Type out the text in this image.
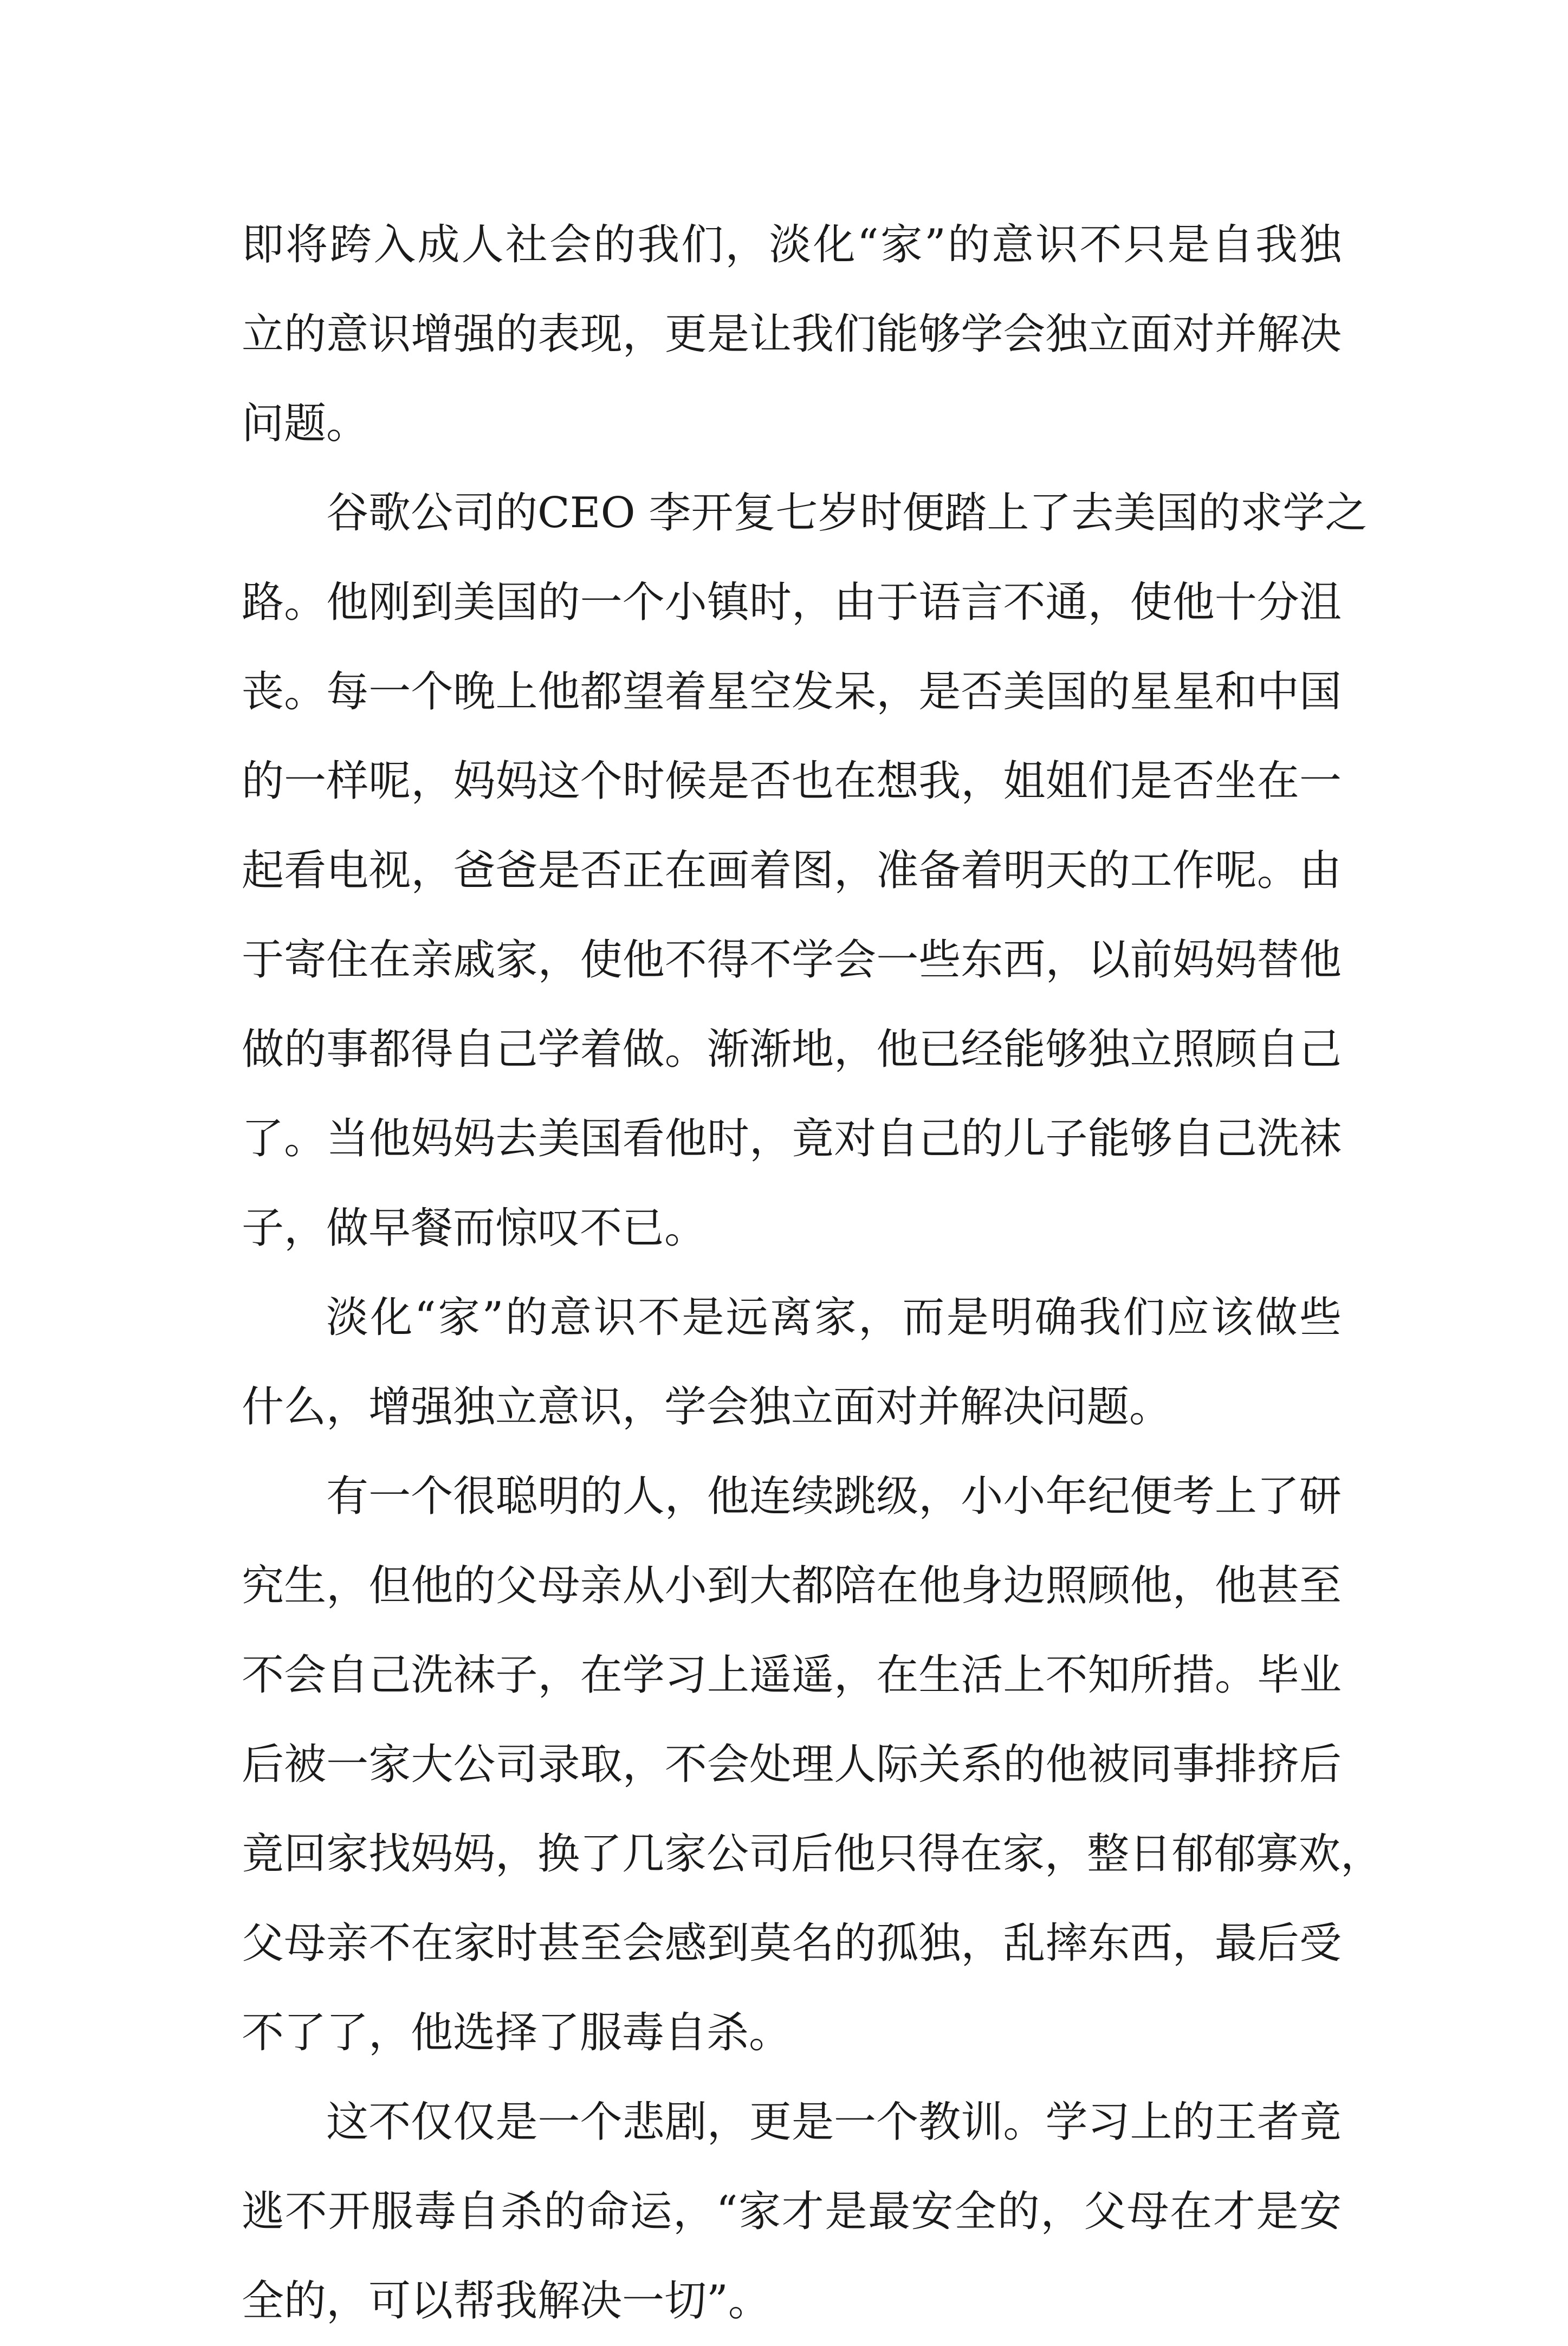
即将跨入成人社会的我们，淡化“家”的意识不只是自我独
立的意识增强的表现，更是让我们能够学会独立面对并解决
问题。
谷歌公司的CEO 李开复七岁时便踏上了去美国的求学之
路。他刚到美国的一个小镇时，由于语言不通，使他十分沮
丧。每一个晚上他都望着星空发呆，是否美国的星星和中国
的一样呢，妈妈这个时候是否也在想我，姐姐们是否坐在一
起看电视，爸爸是否正在画着图，准备着明天的工作呢。由
于寄住在亲戚家，使他不得不学会一些东西，以前妈妈替他
做的事都得自己学着做。渐渐地，他已经能够独立照顾自己
了。当他妈妈去美国看他时，竟对自己的儿子能够自己洗袜
子，做早餐而惊叹不已。
淡化“家”的意识不是远离家，而是明确我们应该做些
什么，增强独立意识，学会独立面对并解决问题。
有一个很聪明的人，他连续跳级，小小年纪便考上了研
究生，但他的父母亲从小到大都陪在他身边照顾他，他甚至
不会自己洗袜子，在学习上遥遥，在生活上不知所措。毕业
后被一家大公司录取，不会处理人际关系的他被同事排挤后
竟回家找妈妈，换了几家公司后他只得在家，整日郁郁寡欢，
父母亲不在家时甚至会感到莫名的孤独，乱摔东西，最后受
不了了，他选择了服毒自杀。
这不仅仅是一个悲剧，更是一个教训。学习上的王者竟
逃不开服毒自杀的命运，“家才是最安全的，父母在才是安
全的，可以帮我解决一切”。
